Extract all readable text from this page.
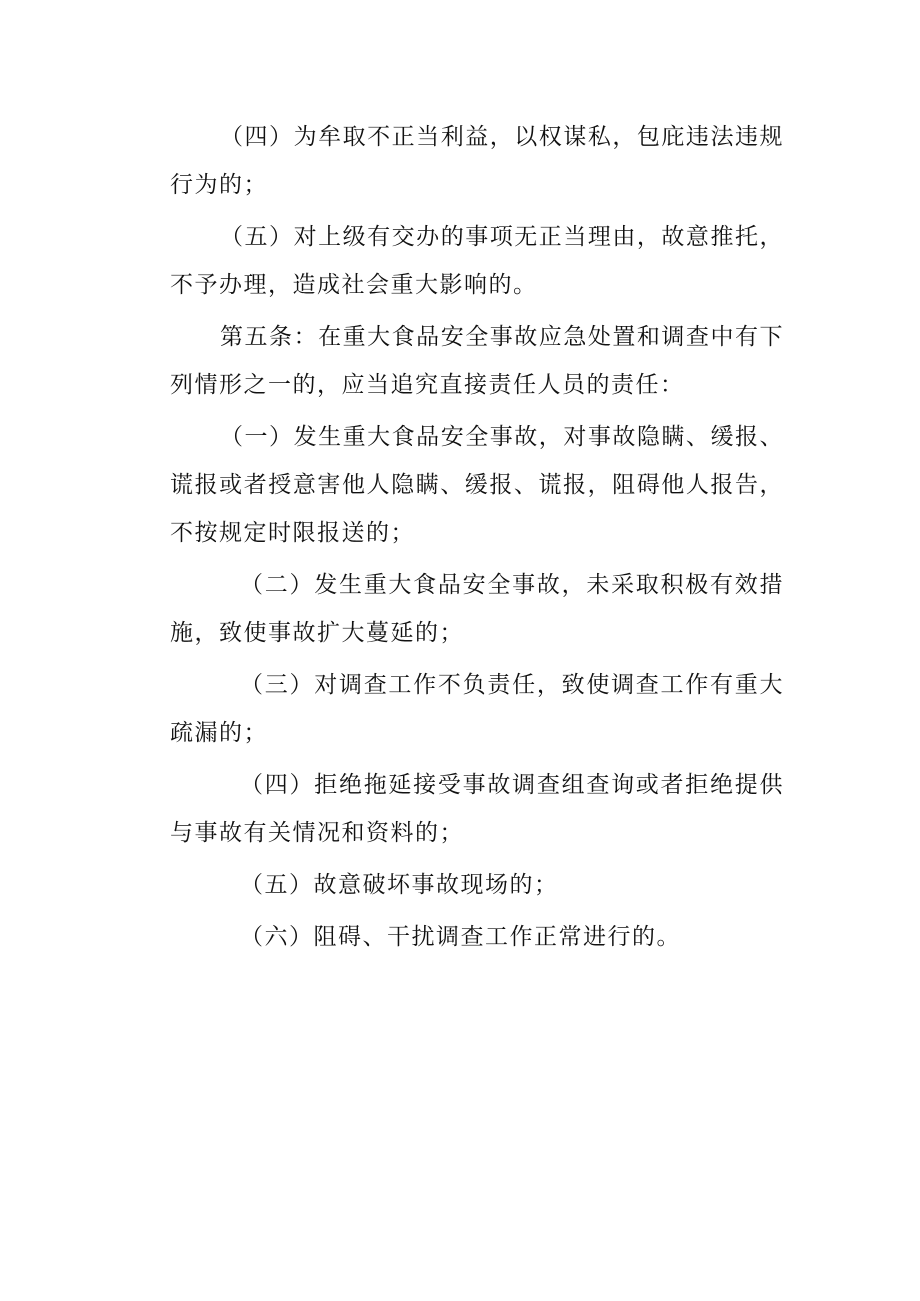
（四）为牟取不正当利益，以权谋私，包庇违法违规行为的；

（五）对上级有交办的事项无正当理由，故意推托，不予办理，造成社会重大影响的。

第五条：在重大食品安全事故应急处置和调查中有下列情形之一的，应当追究直接责任人员的责任：

（一）发生重大食品安全事故，对事故隐瞒、缓报、谎报或者授意害他人隐瞒、缓报、谎报，阻碍他人报告，不按规定时限报送的；

（二）发生重大食品安全事故，未采取积极有效措施，致使事故扩大蔓延的；

（三）对调查工作不负责任，致使调查工作有重大疏漏的；

（四）拒绝拖延接受事故调查组查询或者拒绝提供与事故有关情况和资料的；

（五）故意破坏事故现场的；

（六）阻碍、干扰调查工作正常进行的。
